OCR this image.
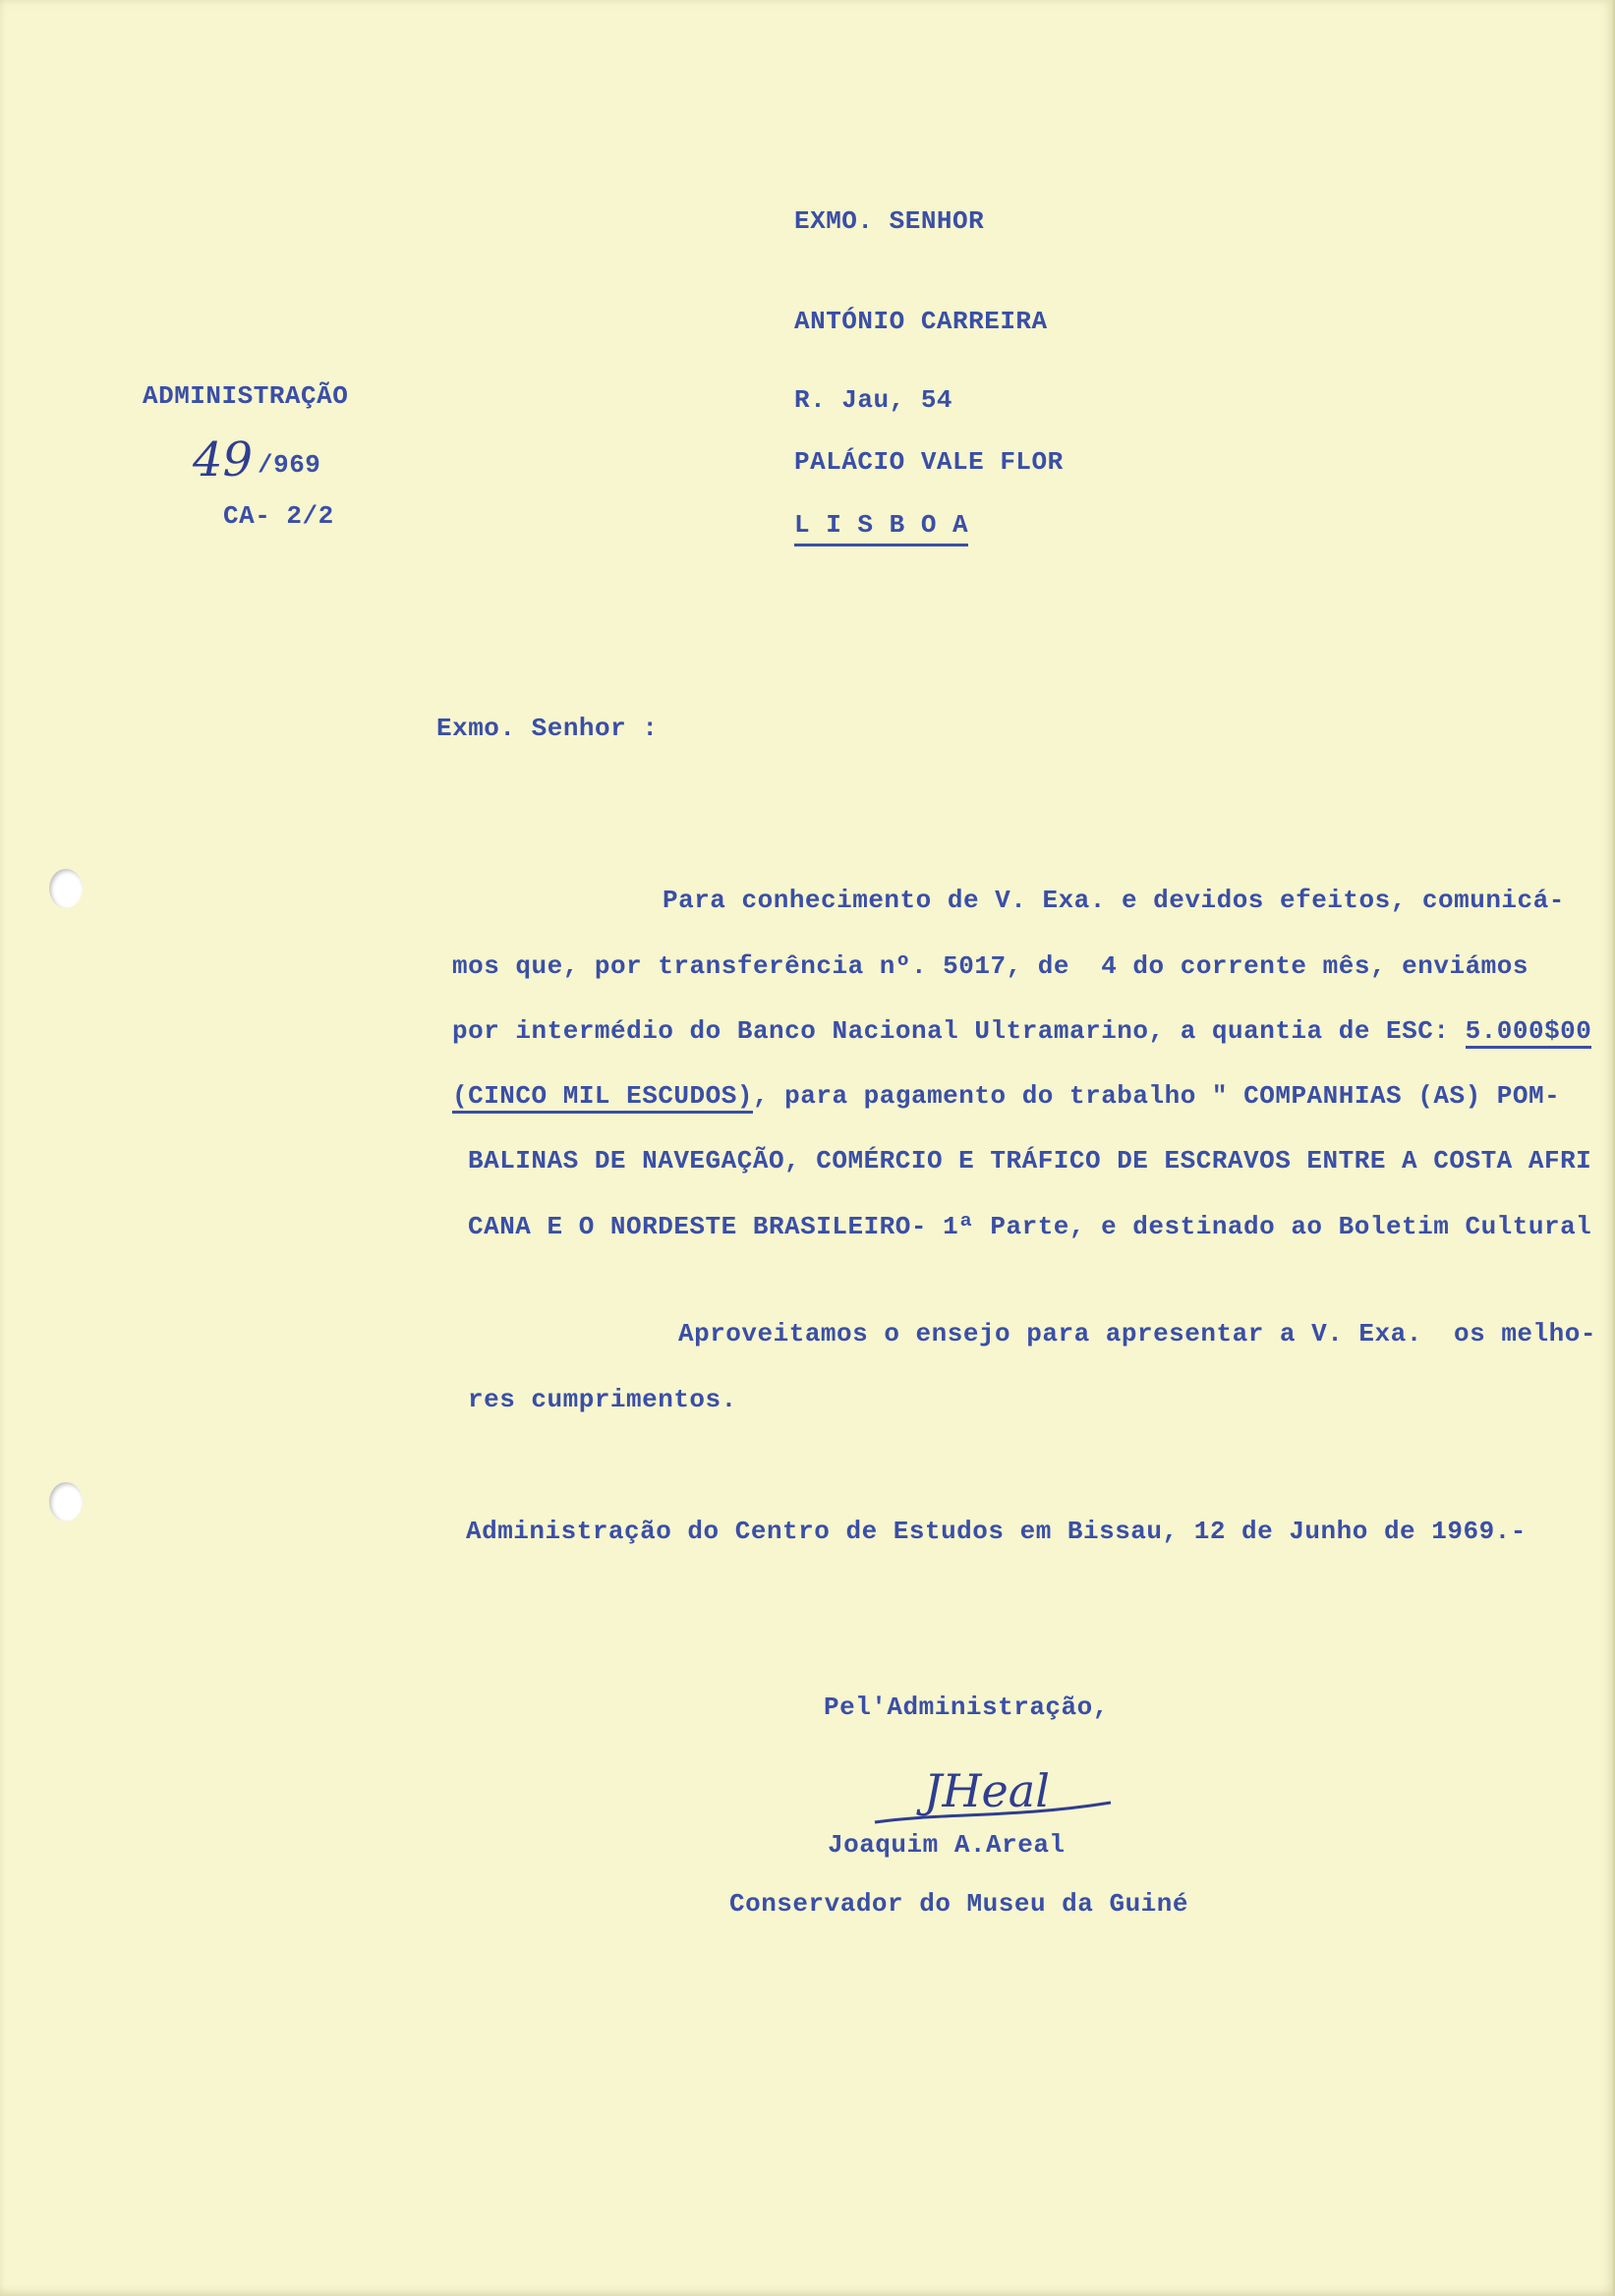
EXMO. SENHOR
ANTÓNIO CARREIRA
R. Jau, 54
PALÁCIO VALE FLOR
L I S B O A
ADMINISTRAÇÃO
49 /969
CA- 2/2
Exmo. Senhor :
Para conhecimento de V. Exa. e devidos efeitos, comunicá-
mos que, por transferência nº. 5017, de  4 do corrente mês, enviámos
por intermédio do Banco Nacional Ultramarino, a quantia de ESC: 5.000$00
(CINCO MIL ESCUDOS), para pagamento do trabalho " COMPANHIAS (AS) POM-
BALINAS DE NAVEGAÇÃO, COMÉRCIO E TRÁFICO DE ESCRAVOS ENTRE A COSTA AFRI
CANA E O NORDESTE BRASILEIRO- 1ª Parte, e destinado ao Boletim Cultural
Aproveitamos o ensejo para apresentar a V. Exa.  os melho-
res cumprimentos.
Administração do Centro de Estudos em Bissau, 12 de Junho de 1969.-
Pel'Administração,
JHeal
Joaquim A.Areal
Conservador do Museu da Guiné
